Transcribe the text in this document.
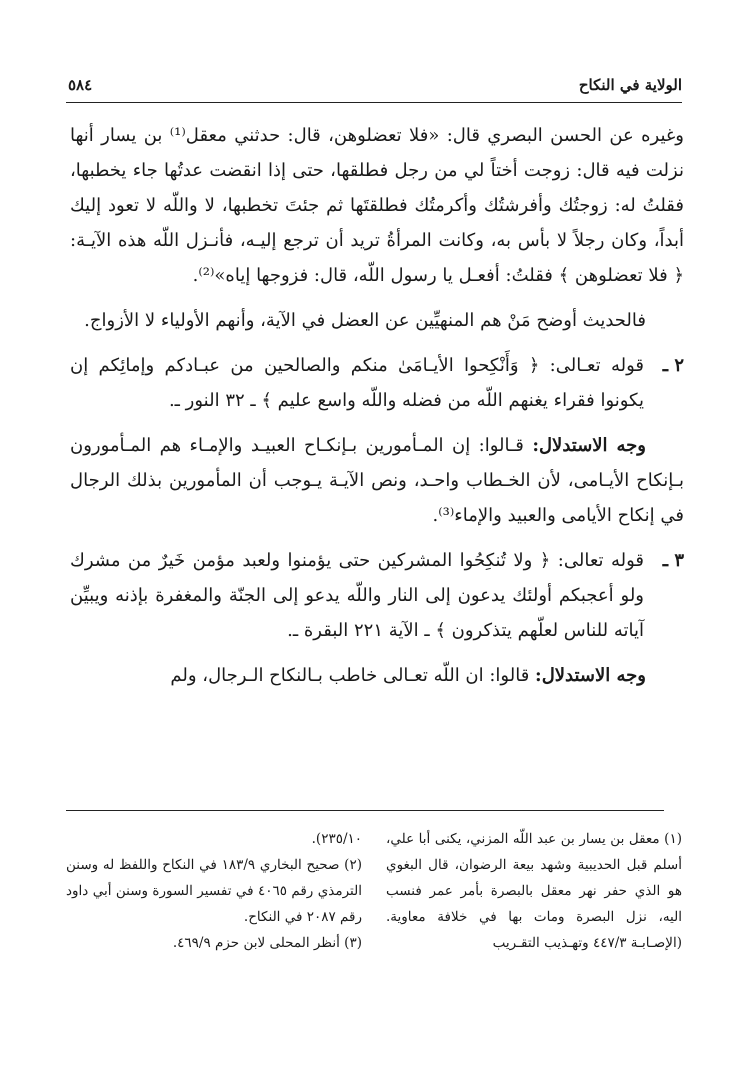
الولاية في النكاح
٥٨٤

وغيره عن الحسن البصري قال: «فلا تعضلوهن، قال: حدثني معقل⁽¹⁾ بن يسار أنها نزلت فيه قال: زوجت أختاً لي من رجل فطلقها، حتى إذا انقضت عدتُها جاء يخطبها، فقلتُ له: زوجتُك وأفرشتُك وأكرمتُك فطلقتَها ثم جئتَ تخطبها، لا واللّه لا تعود إليك أبداً، وكان رجلاً لا بأس به، وكانت المرأةُ تريد أن ترجع إليـه، فأنـزل اللّه هذه الآيـة: ﴿ فلا تعضلوهن ﴾ فقلتُ: أفعـل يا رسول اللّه، قال: فزوجها إياه»⁽²⁾.

فالحديث أوضح مَنْ هم المنهيِّين عن العضل في الآية، وأنهم الأولياء لا الأزواج.

٢ ـ
قوله تعـالى: ﴿ وَأَنْكِحوا الأيـامَىٰ منكم والصالحين من عبـادكم وإمائِكم إن يكونوا فقراء يغنهم اللّه من فضله واللّه واسع عليم ﴾ ـ ٣٢ النور ـ.

وجه الاستدلال: قـالوا: إن المـأمورين بـإنكـاح العبيـد والإمـاء هم المـأمورون بـإنكاح الأيـامى، لأن الخـطاب واحـد، ونص الآيـة يـوجب أن المأمورين بذلك الرجال في إنكاح الأيامى والعبيد والإماء⁽³⁾.

٣ ـ
قوله تعالى: ﴿ ولا تُنكِحُوا المشركين حتى يؤمنوا ولعبد مؤمن خَيرٌ من مشرك ولو أعجبكم أولئك يدعون إلى النار واللّه يدعو إلى الجنّة والمغفرة بإذنه ويبيِّن آياته للناس لعلّهم يتذكرون ﴾ ـ الآية ٢٢١ البقرة ـ.

وجه الاستدلال: قالوا: ان اللّه تعـالى خاطب بـالنكاح الـرجال، ولم

(١) معقل بن يسار بن عبد اللّه المزني، يكنى أبا علي، أسلم قبل الحديبية وشهد بيعة الرضوان، قال البغوي هو الذي حفر نهر معقل بالبصرة بأمر عمر فنسب اليه، نزل البصرة ومات بها في خلافة معاوية. (الإصـابـة ٤٤٧/٣ وتهـذيب التقـريب

٢٣٥/١٠).

(٢) صحيح البخاري ١٨٣/٩ في النكاح واللفظ له وسنن الترمذي رقم ٤٠٦٥ في تفسير السورة وسنن أبي داود رقم ٢٠٨٧ في النكاح.

(٣) أنظر المحلى لابن حزم ٤٦٩/٩.
